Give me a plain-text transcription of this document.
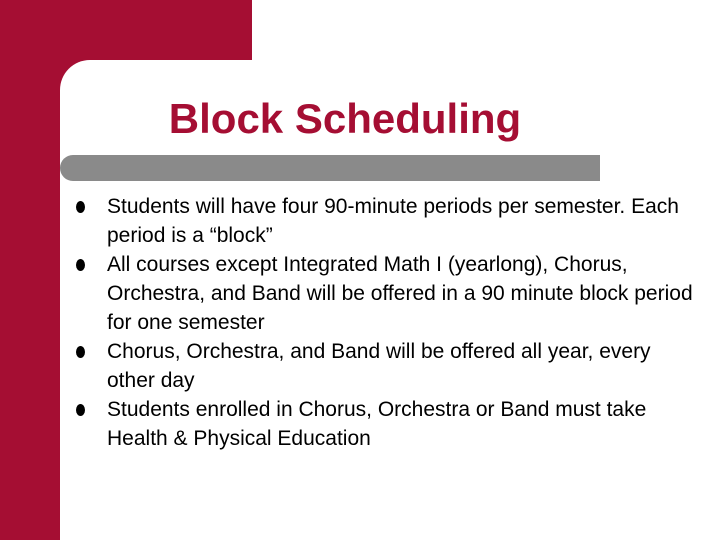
Block Scheduling
Students will have four 90-minute periods per semester. Each period is a “block”
All courses except Integrated Math I (yearlong), Chorus, Orchestra, and Band will be offered in a 90 minute block period for one semester
Chorus, Orchestra, and Band will be offered all year, every other day
Students enrolled in Chorus, Orchestra or Band must take Health & Physical Education
